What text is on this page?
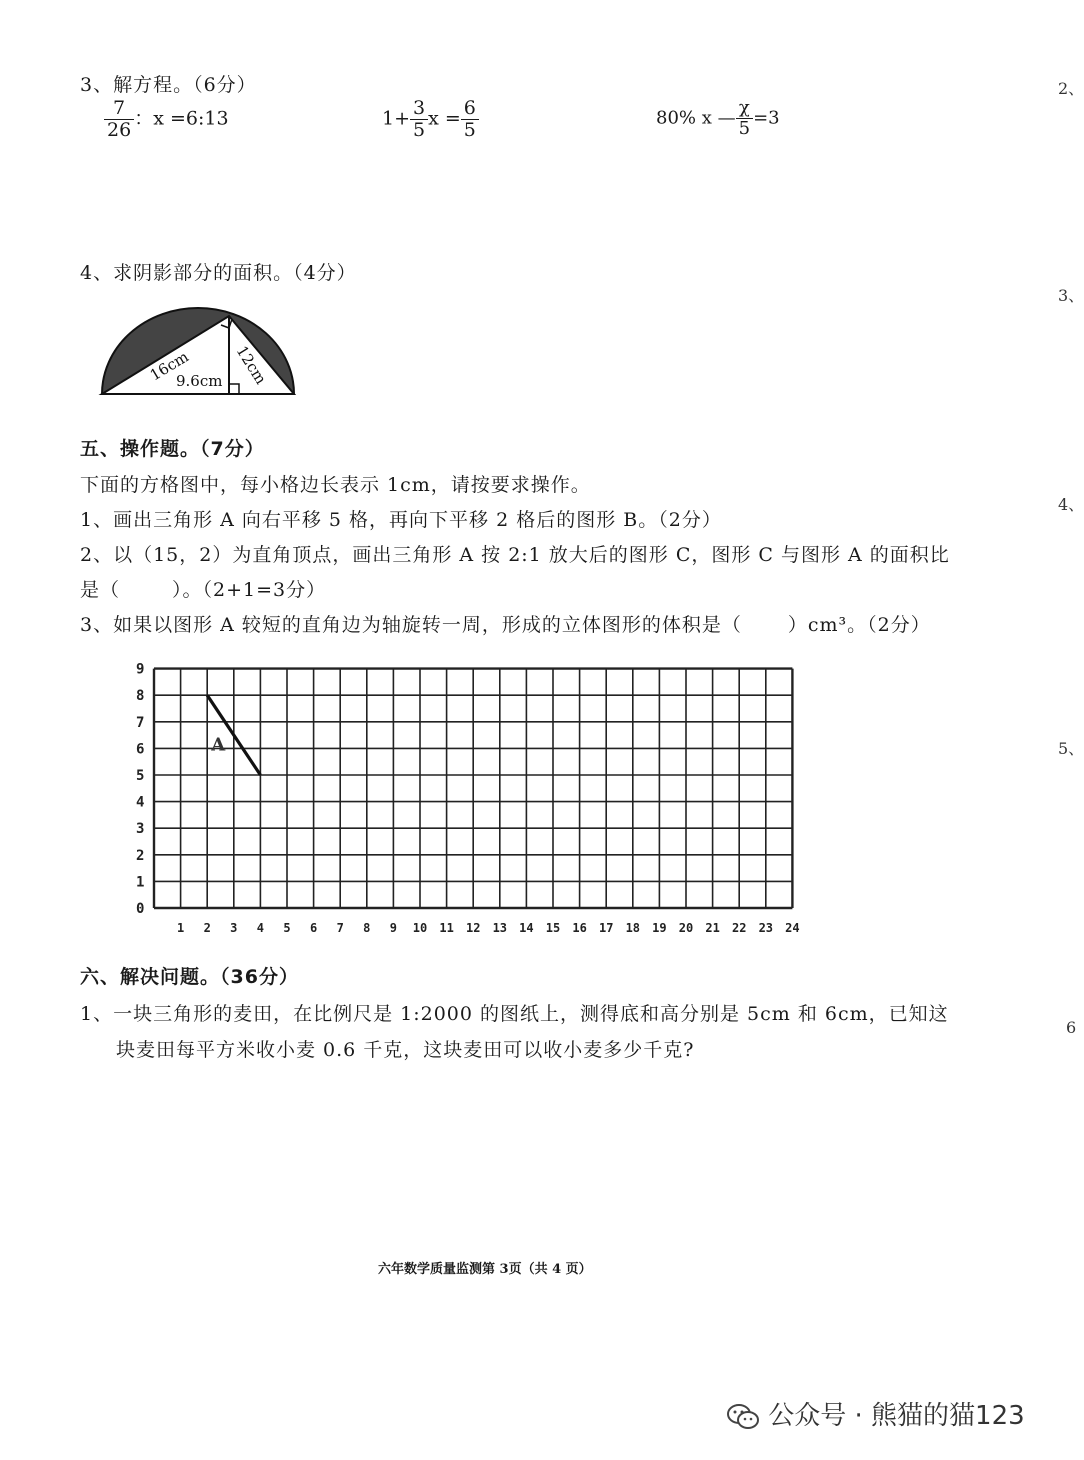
2、
3、
4、
5、
6
3、解方程。（6分）
$\frac{7}{26}$ ：x =6:13	$1+ \frac{3}{5}$ $x = \frac{6}{5}$	80% x — $\frac{\chi}{5} =3$
4、求阴影部分的面积。（4分）
16cm
9.6cm 12cm
五、操作题。（7分）
下面的方格图中，每小格边长表示 1cm，请按要求操作。
1、画出三角形 A 向右平移 5 格，再向下平移 2 格后的图形 B。（2分）
2、以（15，2）为直角顶点，画出三角形 A 按 2:1 放大后的图形 C，图形 C 与图形 A 的面积比
是（	）。（2+1=3分）
3、如果以图形 A 较短的直角边为轴旋转一周，形成的立体图形的体积是（ ）cm³。（2分）
0
1
2
3
4
5
6
7
8
9
1 2 3 4 5 6 7 8 9 10 11 12 13 14 15 16 17 18 19 20 21 22 23 24
A
六、解决问题。（36分）
1、一块三角形的麦田，在比例尺是 1:2000 的图纸上，测得底和高分别是 5cm 和 6cm，已知这
块麦田每平方米收小麦 0.6 千克，这块麦田可以收小麦多少千克?
六年数学质量监测第 3页（共 4 页）
公众号 · 熊猫的猫123
